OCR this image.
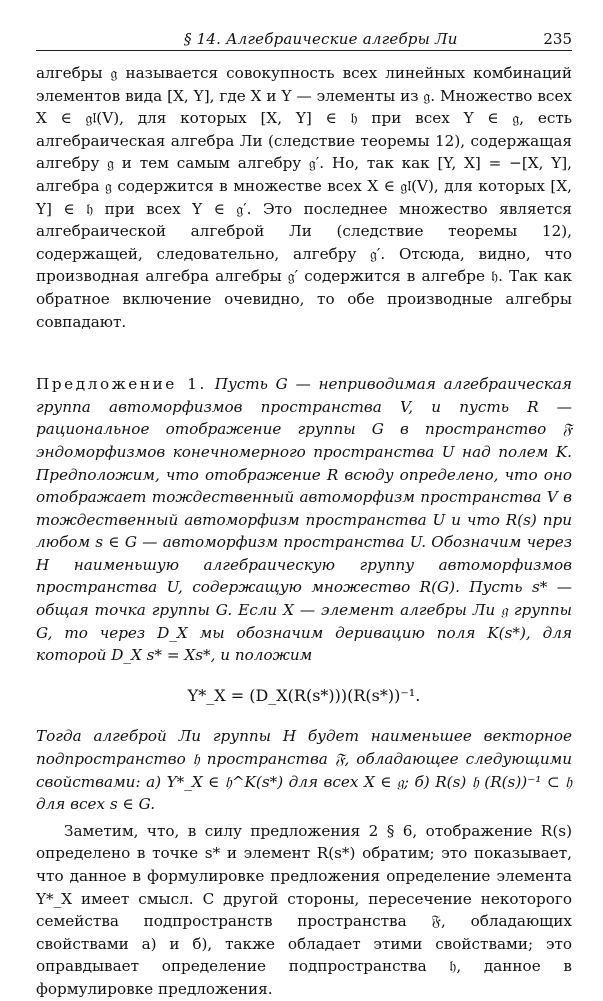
§ 14. Алгебраические алгебры Ли	235

алгебры 𝔤 называется совокупность всех линейных комбинаций элементов вида [X, Y], где X и Y — элементы из 𝔤. Множество всех X ∈ 𝔤𝔩(V), для которых [X, Y] ∈ 𝔥 при всех Y ∈ 𝔤, есть алгебраическая алгебра Ли (следствие теоремы 12), содержащая алгебру 𝔤 и тем самым алгебру 𝔤′. Но, так как [Y, X] = −[X, Y], алгебра 𝔤 содержится в множестве всех X ∈ 𝔤𝔩(V), для которых [X, Y] ∈ 𝔥 при всех Y ∈ 𝔤′. Это последнее множество является алгебраической алгеброй Ли (следствие теоремы 12), содержащей, следовательно, алгебру 𝔤′. Отсюда, видно, что производная алгебра алгебры 𝔤′ содержится в алгебре 𝔥. Так как обратное включение очевидно, то обе производные алгебры совпадают.

Предложение 1. Пусть G — неприводимая алгебраическая группа автоморфизмов пространства V, и пусть R — рациональное отображение группы G в пространство 𝔉 эндоморфизмов конечномерного пространства U над полем K. Предположим, что отображение R всюду определено, что оно отображает тождественный автоморфизм пространства V в тождественный автоморфизм пространства U и что R(s) при любом s ∈ G — автоморфизм пространства U. Обозначим через H наименьшую алгебраическую группу автоморфизмов пространства U, содержащую множество R(G). Пусть s* — общая точка группы G. Если X — элемент алгебры Ли 𝔤 группы G, то через D_X мы обозначим деривацию поля K(s*), для которой D_X s* = Xs*, и положим
Y*_X = (D_X(R(s*)))(R(s*))⁻¹.
Тогда алгеброй Ли группы H будет наименьшее векторное подпространство 𝔥 пространства 𝔉, обладающее следующими свойствами: а) Y*_X ∈ 𝔥^K(s*) для всех X ∈ 𝔤; б) R(s) 𝔥 (R(s))⁻¹ ⊂ 𝔥 для всех s ∈ G.

Заметим, что, в силу предложения 2 § 6, отображение R(s) определено в точке s* и элемент R(s*) обратим; это показывает, что данное в формулировке предложения определение элемента Y*_X имеет смысл. С другой стороны, пересечение некоторого семейства подпространств пространства 𝔉, обладающих свойствами а) и б), также обладает этими свойствами; это оправдывает определение подпространства 𝔥, данное в формулировке предложения.
